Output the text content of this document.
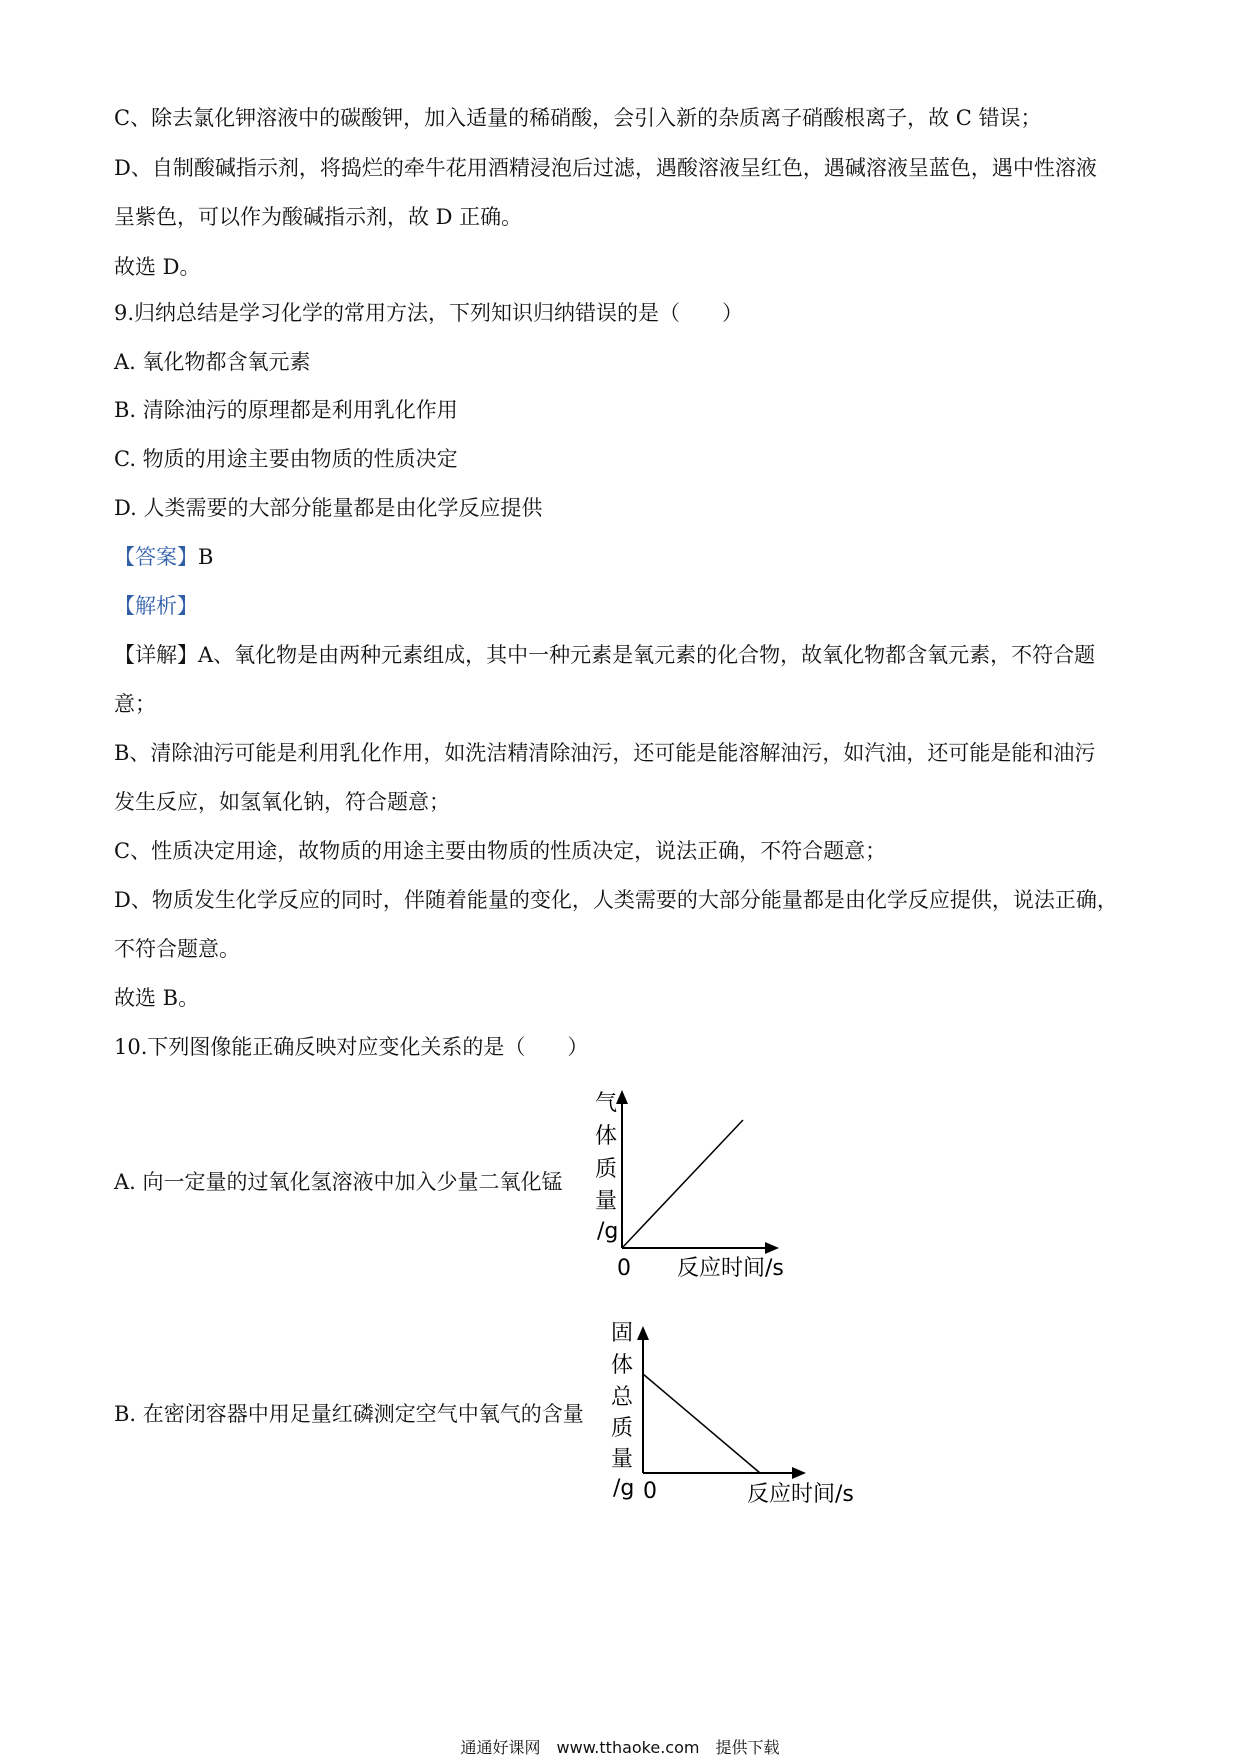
C、除去氯化钾溶液中的碳酸钾，加入适量的稀硝酸，会引入新的杂质离子硝酸根离子，故 C 错误；
D、自制酸碱指示剂，将捣烂的牵牛花用酒精浸泡后过滤，遇酸溶液呈红色，遇碱溶液呈蓝色，遇中性溶液
呈紫色，可以作为酸碱指示剂，故 D 正确。
故选 D。
9.归纳总结是学习化学的常用方法，下列知识归纳错误的是（　　）
A. 氧化物都含氧元素
B. 清除油污的原理都是利用乳化作用
C. 物质的用途主要由物质的性质决定
D. 人类需要的大部分能量都是由化学反应提供
【答案】B
【解析】
【详解】A、氧化物是由两种元素组成，其中一种元素是氧元素的化合物，故氧化物都含氧元素，不符合题
意；
B、清除油污可能是利用乳化作用，如洗洁精清除油污，还可能是能溶解油污，如汽油，还可能是能和油污
发生反应，如氢氧化钠，符合题意；
C、性质决定用途，故物质的用途主要由物质的性质决定，说法正确，不符合题意；
D、物质发生化学反应的同时，伴随着能量的变化，人类需要的大部分能量都是由化学反应提供，说法正确，
不符合题意。
故选 B。
10.下列图像能正确反映对应变化关系的是（　　）
A. 向一定量的过氧化氢溶液中加入少量二氧化锰
气
体
质
量
/g
0 反应时间/s
B. 在密闭容器中用足量红磷测定空气中氧气的含量
固
体
总
质
量
/g 0	反应时间/s
通通好课网　www.tthaoke.com　提供下载
